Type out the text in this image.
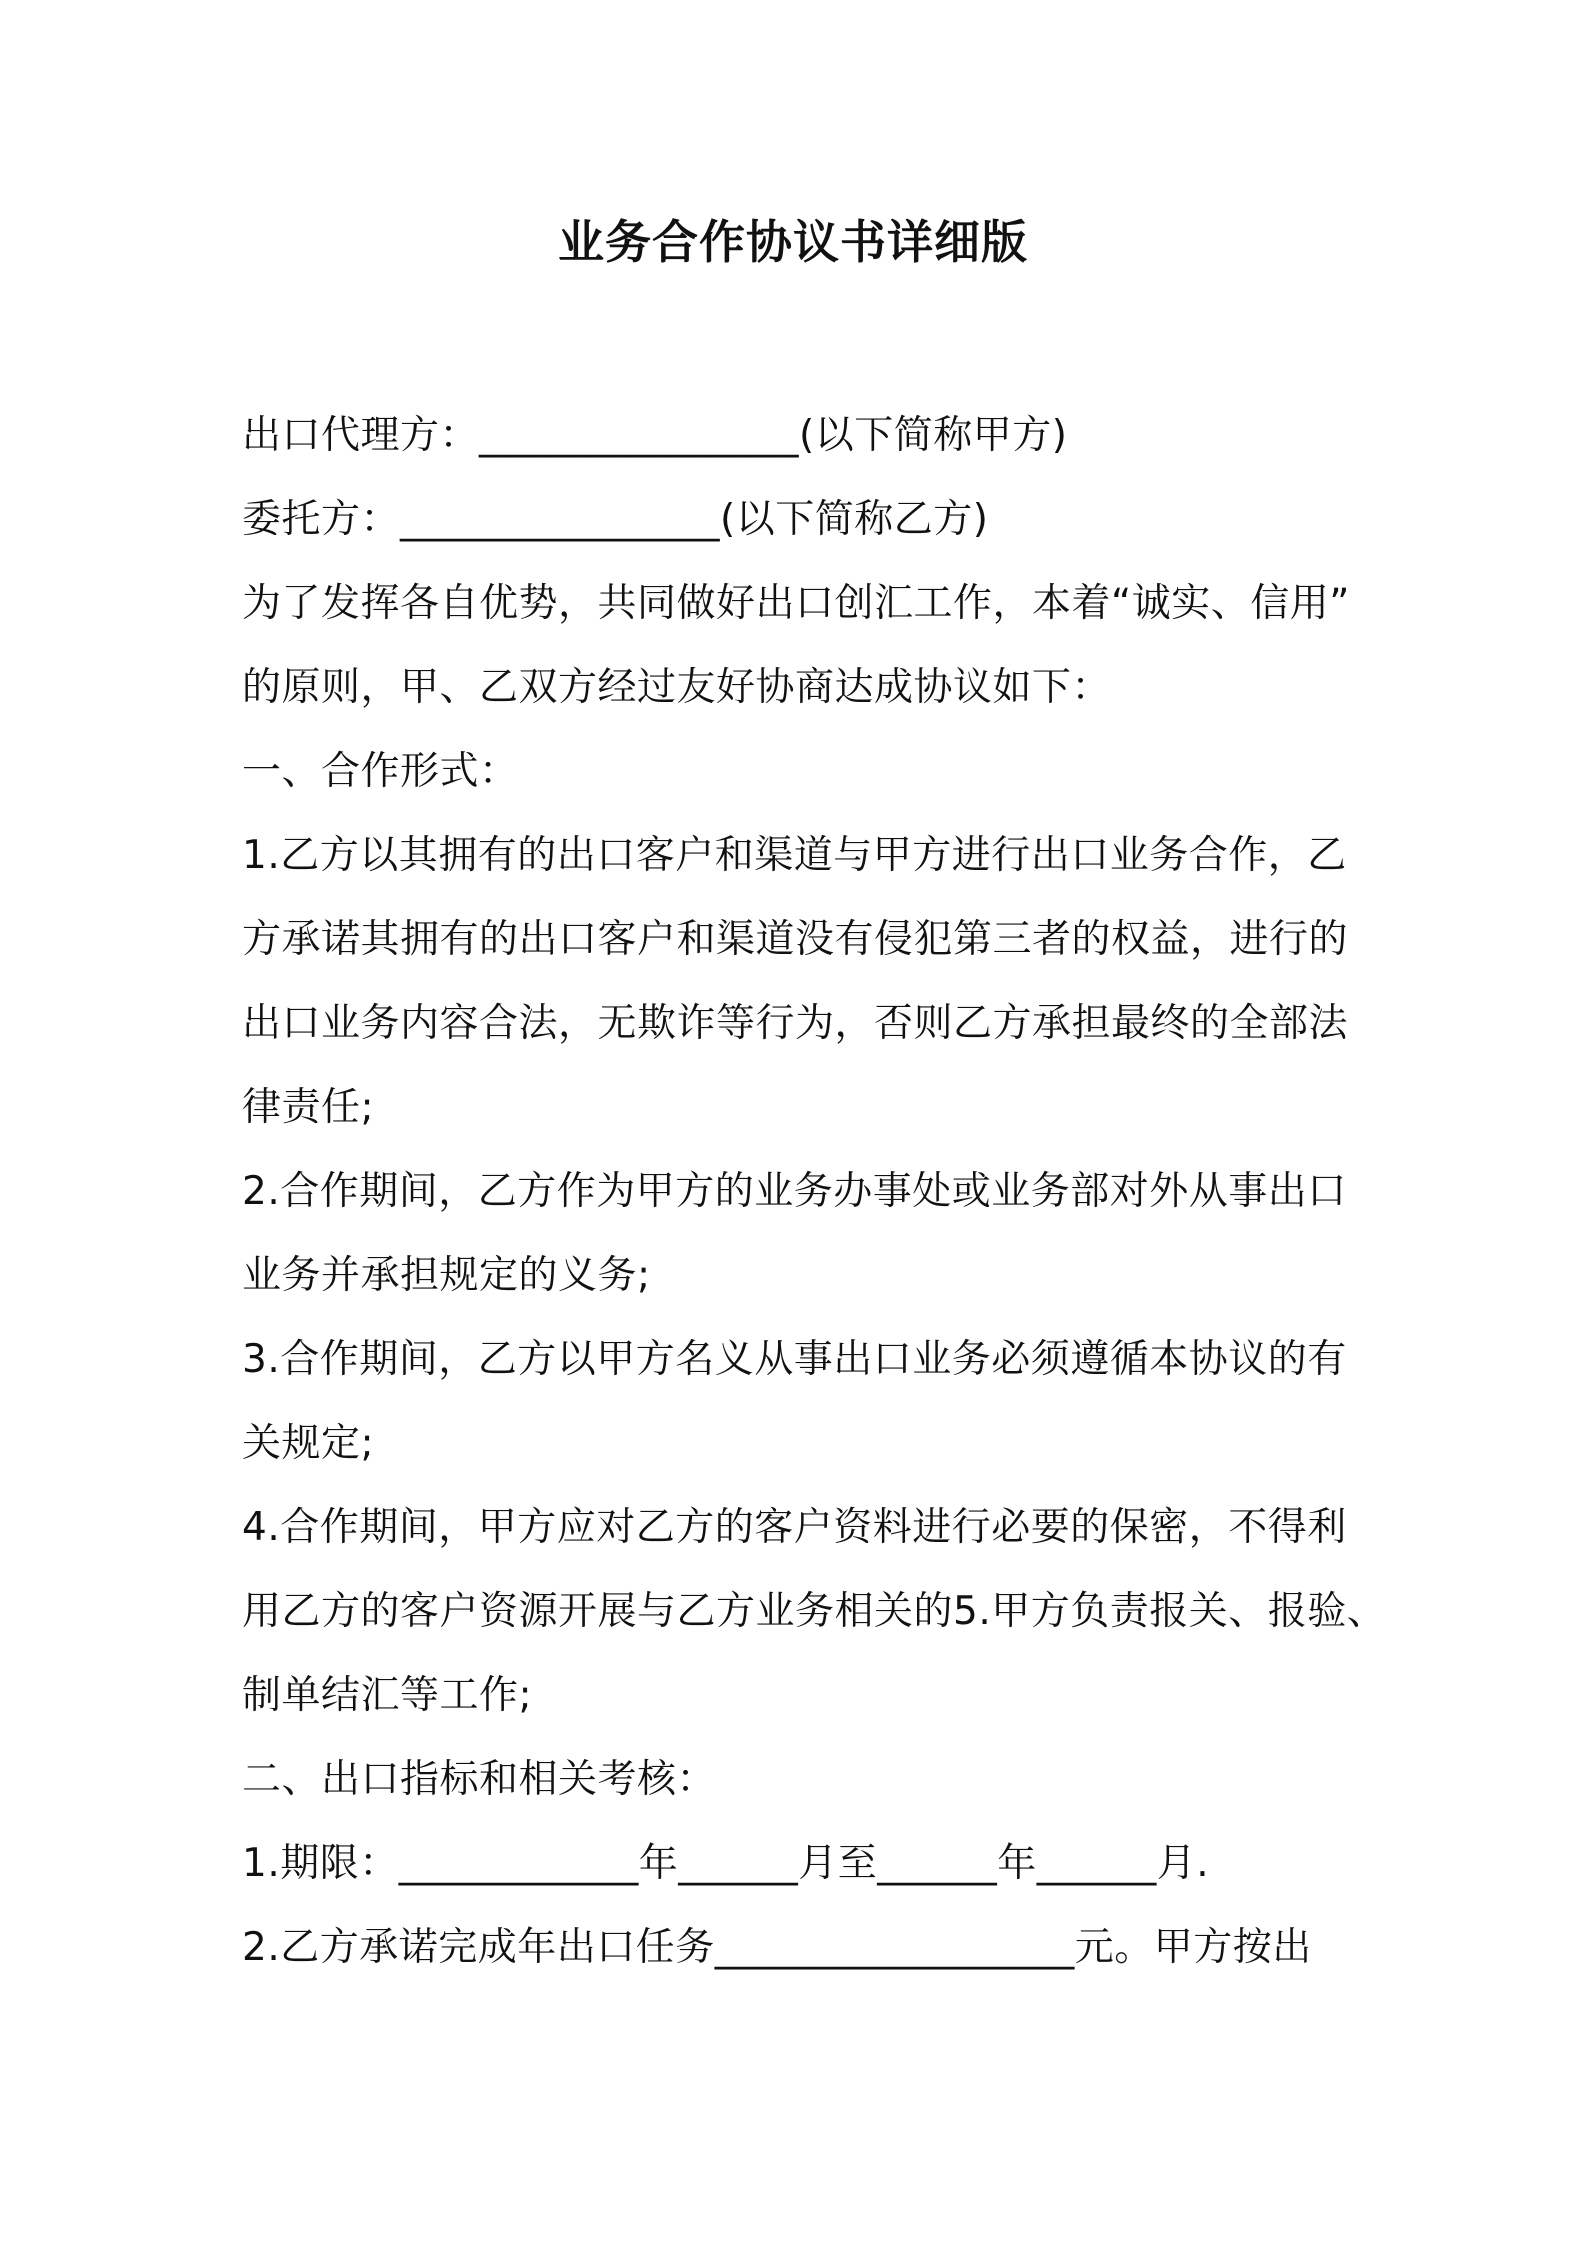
业务合作协议书详细版
出口代理方：________________(以下简称甲方)
委托方：________________(以下简称乙方)
为了发挥各自优势，共同做好出口创汇工作，本着“诚实、信用”
的原则，甲、乙双方经过友好协商达成协议如下：
一、合作形式：
1.乙方以其拥有的出口客户和渠道与甲方进行出口业务合作，乙
方承诺其拥有的出口客户和渠道没有侵犯第三者的权益，进行的
出口业务内容合法，无欺诈等行为，否则乙方承担最终的全部法
律责任;
2.合作期间，乙方作为甲方的业务办事处或业务部对外从事出口
业务并承担规定的义务;
3.合作期间，乙方以甲方名义从事出口业务必须遵循本协议的有
关规定;
4.合作期间，甲方应对乙方的客户资料进行必要的保密，不得利
用乙方的客户资源开展与乙方业务相关的5.甲方负责报关、报验、
制单结汇等工作;
二、出口指标和相关考核：
1.期限：____________年______月至______年______月.
2.乙方承诺完成年出口任务__________________元。甲方按出
